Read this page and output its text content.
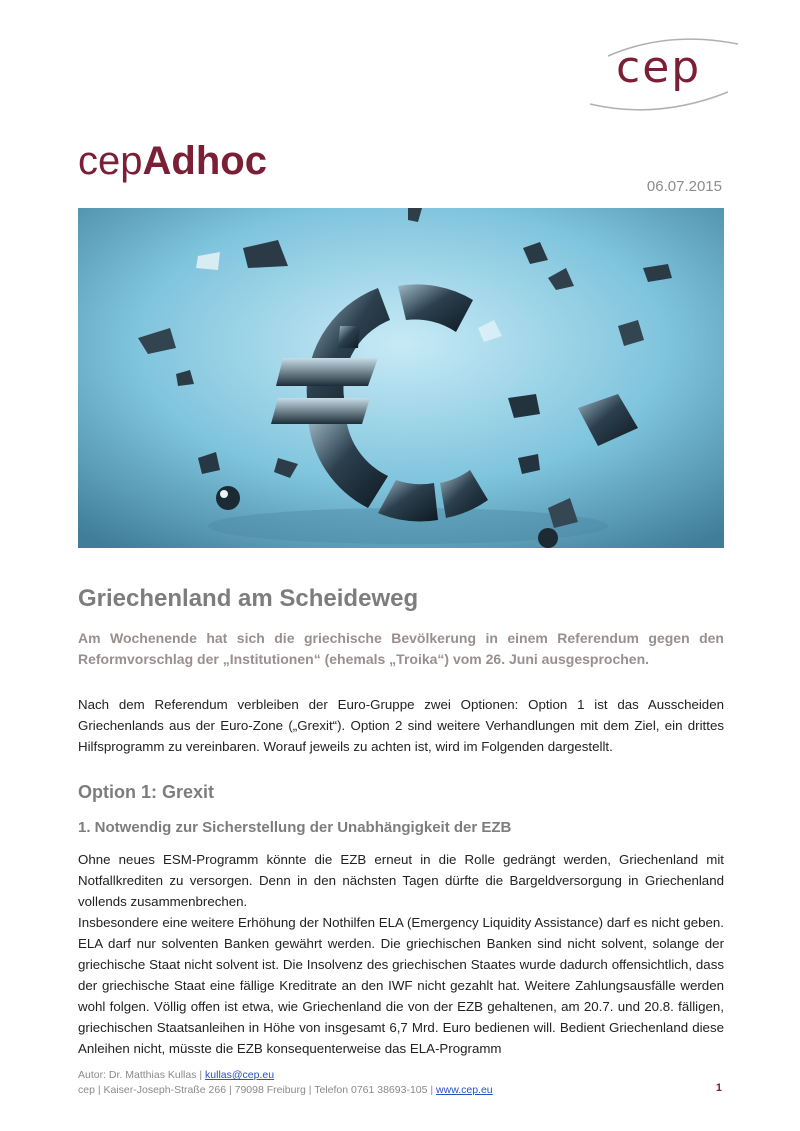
cep
cepAdhoc
06.07.2015
Griechenland am Scheideweg

Am Wochenende hat sich die griechische Bevölkerung in einem Referendum gegen den Reformvorschlag der „Institutionen“ (ehemals „Troika“) vom 26. Juni ausgesprochen.

Nach dem Referendum verbleiben der Euro-Gruppe zwei Optionen: Option 1 ist das Ausscheiden Griechenlands aus der Euro-Zone („Grexit“). Option 2 sind weitere Verhandlungen mit dem Ziel, ein drittes Hilfsprogramm zu vereinbaren. Worauf jeweils zu achten ist, wird im Folgenden dargestellt.

Option 1: Grexit
1. Notwendig zur Sicherstellung der Unabhängigkeit der EZB

Ohne neues ESM-Programm könnte die EZB erneut in die Rolle gedrängt werden, Griechenland mit Notfallkrediten zu versorgen. Denn in den nächsten Tagen dürfte die Bargeldversorgung in Griechenland vollends zusammenbrechen.

Insbesondere eine weitere Erhöhung der Nothilfen ELA (Emergency Liquidity Assistance) darf es nicht geben. ELA darf nur solventen Banken gewährt werden. Die griechischen Banken sind nicht solvent, solange der griechische Staat nicht solvent ist. Die Insolvenz des griechischen Staates wurde dadurch offensichtlich, dass der griechische Staat eine fällige Kreditrate an den IWF nicht gezahlt hat. Weitere Zahlungsausfälle werden wohl folgen. Völlig offen ist etwa, wie Griechenland die von der EZB gehaltenen, am 20.7. und 20.8. fälligen, griechischen Staatsanleihen in Höhe von insgesamt 6,7 Mrd. Euro bedienen will. Bedient Griechenland diese Anleihen nicht, müsste die EZB konsequenterweise das ELA-Programm

Autor: Dr. Matthias Kullas | kullas@cep.eu
cep | Kaiser-Joseph-Straße 266 | 79098 Freiburg | Telefon 0761 38693-105 | www.cep.eu	1
